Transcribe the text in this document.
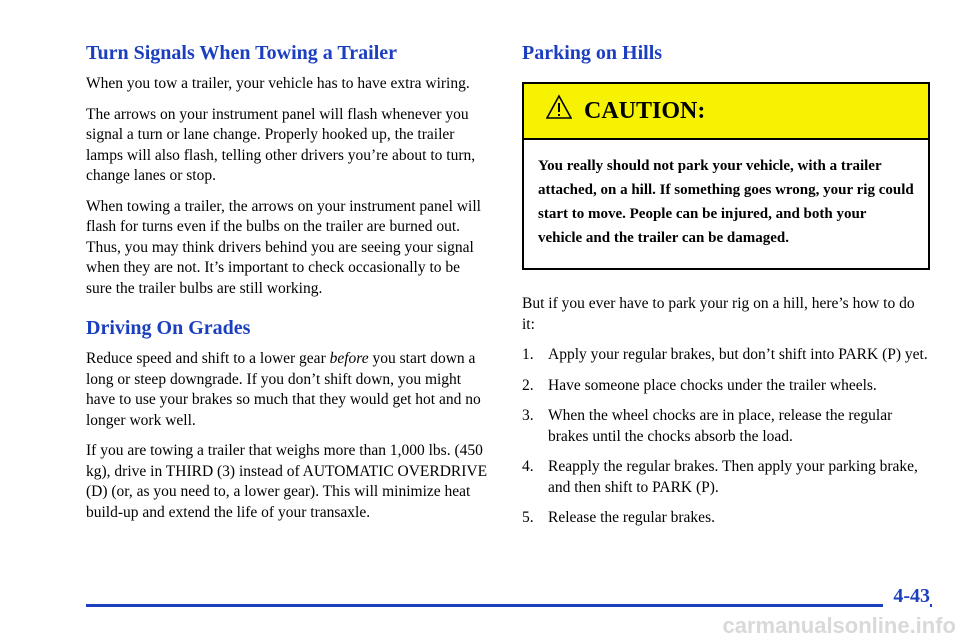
Turn Signals When Towing a Trailer

When you tow a trailer, your vehicle has to have extra wiring.

The arrows on your instrument panel will flash whenever you signal a turn or lane change. Properly hooked up, the trailer lamps will also flash, telling other drivers you’re about to turn, change lanes or stop.

When towing a trailer, the arrows on your instrument panel will flash for turns even if the bulbs on the trailer are burned out. Thus, you may think drivers behind you are seeing your signal when they are not. It’s important to check occasionally to be sure the trailer bulbs are still working.

Driving On Grades

Reduce speed and shift to a lower gear before you start down a long or steep downgrade. If you don’t shift down, you might have to use your brakes so much that they would get hot and no longer work well.

If you are towing a trailer that weighs more than 1,000 lbs. (450 kg), drive in THIRD (3) instead of AUTOMATIC OVERDRIVE (D) (or, as you need to, a lower gear). This will minimize heat build-up and extend the life of your transaxle.

Parking on Hills
CAUTION:
You really should not park your vehicle, with a trailer attached, on a hill. If something goes wrong, your rig could start to move. People can be injured, and both your vehicle and the trailer can be damaged.

But if you ever have to park your rig on a hill, here’s how to do it:

1. Apply your regular brakes, but don’t shift into PARK (P) yet.
2. Have someone place chocks under the trailer wheels.
3. When the wheel chocks are in place, release the regular brakes until the chocks absorb the load.
4. Reapply the regular brakes. Then apply your parking brake, and then shift to PARK (P).
5. Release the regular brakes.
4-43
carmanualsonline.info
